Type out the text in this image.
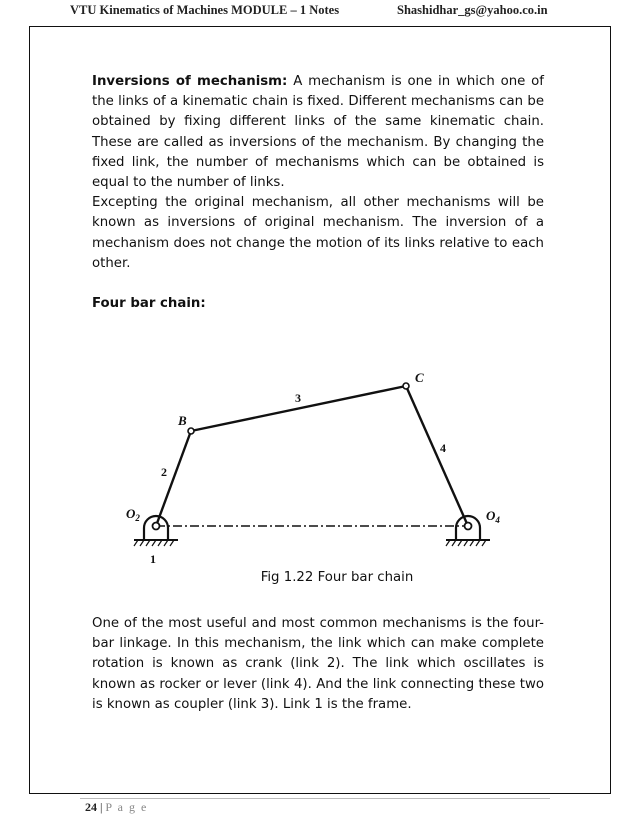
VTU Kinematics of Machines MODULE – 1 Notes	Shashidhar_gs@yahoo.co.in

Inversions of mechanism: A mechanism is one in which one of the links of a kinematic chain is fixed. Different mechanisms can be obtained by fixing different links of the same kinematic chain. These are called as inversions of the mechanism. By changing the fixed link, the number of mechanisms which can be obtained is equal to the number of links.

Excepting the original mechanism, all other mechanisms will be known as inversions of original mechanism. The inversion of a mechanism does not change the motion of its links relative to each other.

Four bar chain:

B
C
$O_2$	$O_4$
1
2
3
4
Fig 1.22 Four bar chain
One of the most useful and most common mechanisms is the four-bar linkage. In this mechanism, the link which can make complete rotation is known as crank (link 2). The link which oscillates is known as rocker or lever (link 4). And the link connecting these two is known as coupler (link 3). Link 1 is the frame.
24 | P a g e
